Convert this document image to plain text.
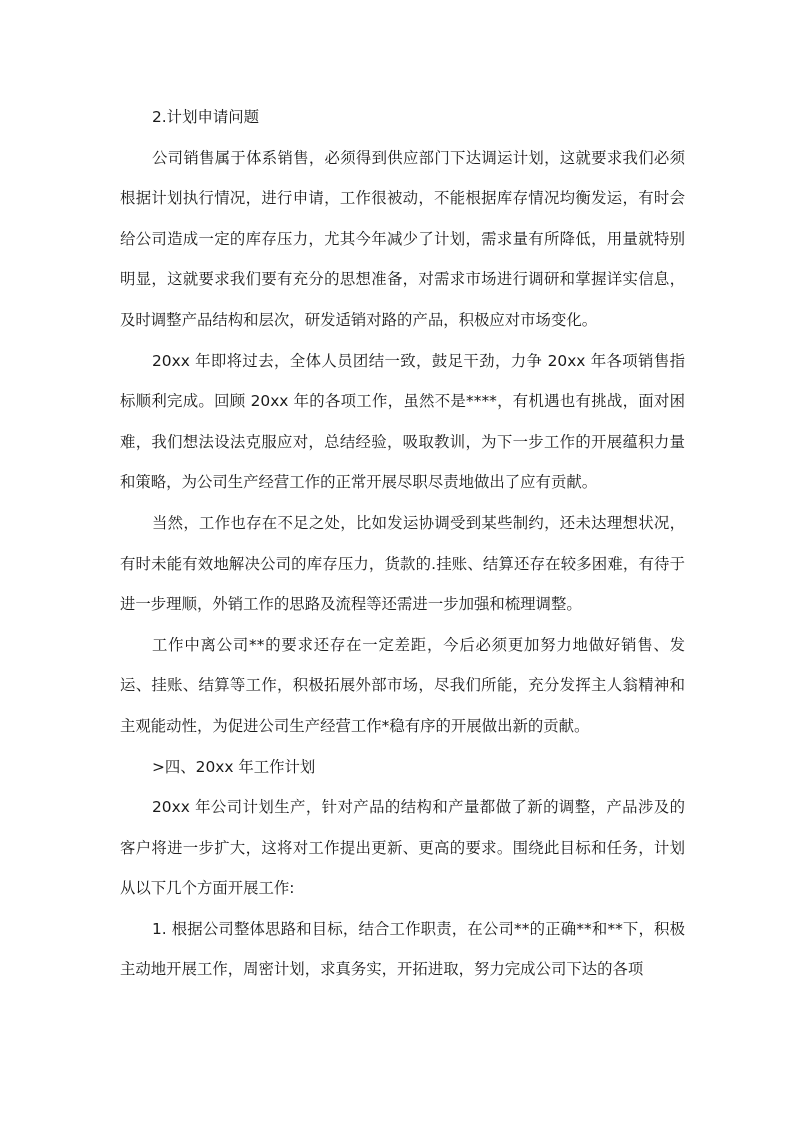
2.计划申请问题

公司销售属于体系销售，必须得到供应部门下达调运计划，这就要求我们必须根据计划执行情况，进行申请，工作很被动，不能根据库存情况均衡发运，有时会给公司造成一定的库存压力，尤其今年减少了计划，需求量有所降低，用量就特别明显，这就要求我们要有充分的思想准备，对需求市场进行调研和掌握详实信息，及时调整产品结构和层次，研发适销对路的产品，积极应对市场变化。

20xx 年即将过去，全体人员团结一致，鼓足干劲，力争 20xx 年各项销售指标顺利完成。回顾 20xx 年的各项工作，虽然不是****，有机遇也有挑战，面对困难，我们想法设法克服应对，总结经验，吸取教训，为下一步工作的开展蕴积力量和策略，为公司生产经营工作的正常开展尽职尽责地做出了应有贡献。

当然，工作也存在不足之处，比如发运协调受到某些制约，还未达理想状况，有时未能有效地解决公司的库存压力，货款的.挂账、结算还存在较多困难，有待于进一步理顺，外销工作的思路及流程等还需进一步加强和梳理调整。

工作中离公司**的要求还存在一定差距，今后必须更加努力地做好销售、发运、挂账、结算等工作，积极拓展外部市场，尽我们所能，充分发挥主人翁精神和主观能动性，为促进公司生产经营工作*稳有序的开展做出新的贡献。

>四、20xx 年工作计划

20xx 年公司计划生产，针对产品的结构和产量都做了新的调整，产品涉及的客户将进一步扩大，这将对工作提出更新、更高的要求。围绕此目标和任务，计划从以下几个方面开展工作:

1. 根据公司整体思路和目标，结合工作职责，在公司**的正确**和**下，积极主动地开展工作，周密计划，求真务实，开拓进取，努力完成公司下达的各项
